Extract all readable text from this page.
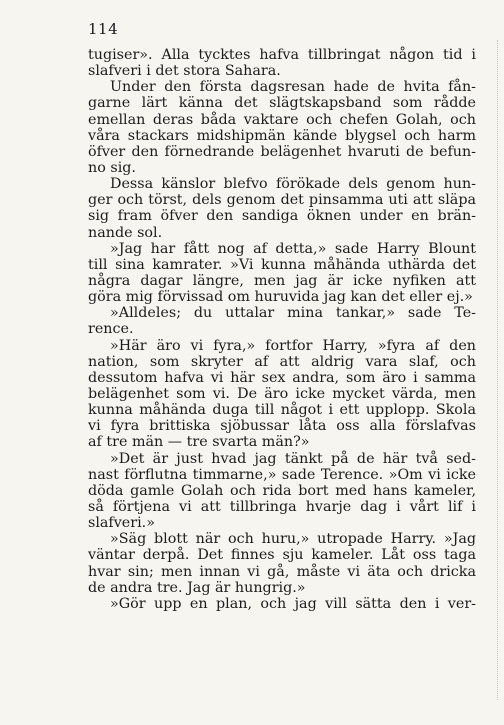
114
tugiser». Alla tycktes hafva tillbringat någon tid i
slafveri i det stora Sahara.
Under den första dagsresan hade de hvita fån-
garne lärt känna det slägtskapsband som rådde
emellan deras båda vaktare och chefen Golah, och
våra stackars midshipmän kände blygsel och harm
öfver den förnedrande belägenhet hvaruti de befun-
no sig.
Dessa känslor blefvo förökade dels genom hun-
ger och törst, dels genom det pinsamma uti att släpa
sig fram öfver den sandiga öknen under en brän-
nande sol.
»Jag har fått nog af detta,» sade Harry Blount
till sina kamrater. »Vi kunna måhända uthärda det
några dagar längre, men jag är icke nyfiken att
göra mig förvissad om huruvida jag kan det eller ej.»
»Alldeles; du uttalar mina tankar,» sade Te-
rence.
»Här äro vi fyra,» fortfor Harry, »fyra af den
nation, som skryter af att aldrig vara slaf, och
dessutom hafva vi här sex andra, som äro i samma
belägenhet som vi. De äro icke mycket värda, men
kunna måhända duga till något i ett upplopp. Skola
vi fyra brittiska sjöbussar låta oss alla förslafvas
af tre män — tre svarta män?»
»Det är just hvad jag tänkt på de här två sed-
nast förflutna timmarne,» sade Terence. »Om vi icke
döda gamle Golah och rida bort med hans kameler,
så förtjena vi att tillbringa hvarje dag i vårt lif i
slafveri.»
»Säg blott när och huru,» utropade Harry. »Jag
väntar derpå. Det finnes sju kameler. Låt oss taga
hvar sin; men innan vi gå, måste vi äta och dricka
de andra tre. Jag är hungrig.»
»Gör upp en plan, och jag vill sätta den i ver-
